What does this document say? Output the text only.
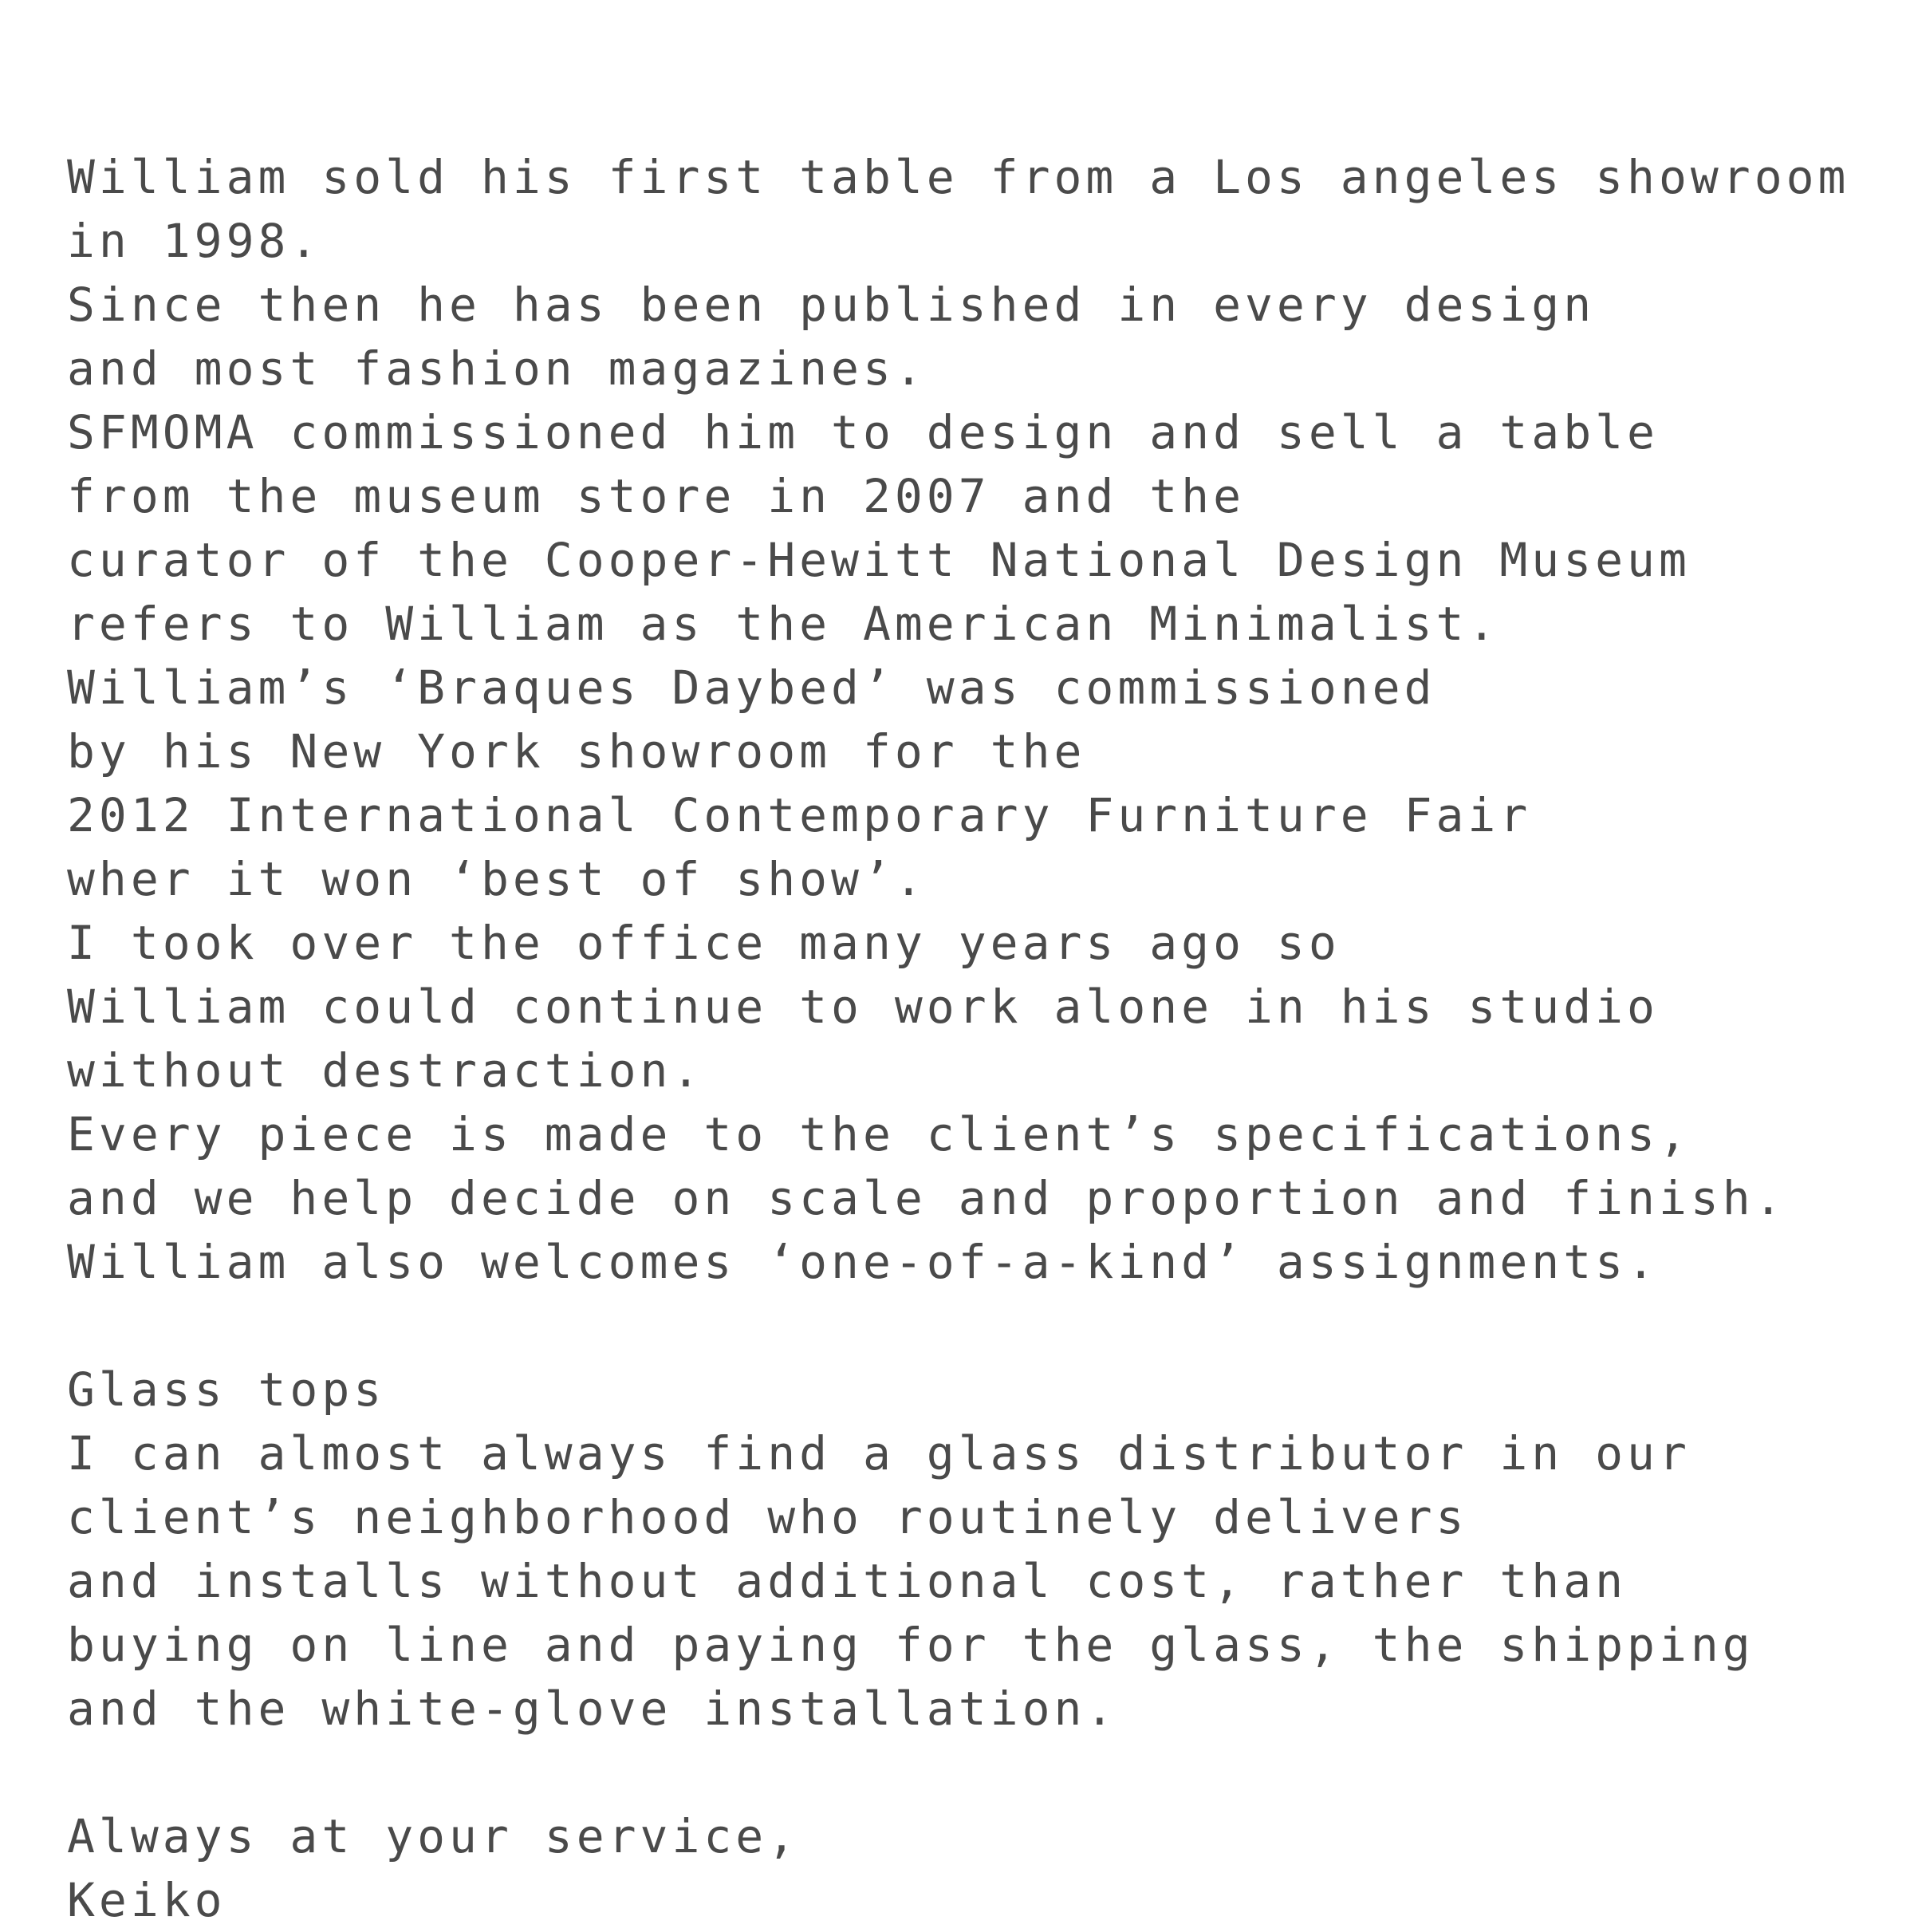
William sold his first table from a Los angeles showroom
in 1998.
Since then he has been published in every design
and most fashion magazines.
SFMOMA commissioned him to design and sell a table
from the museum store in 2007 and the
curator of the Cooper-Hewitt National Design Museum
refers to William as the American Minimalist.
William’s ‘Braques Daybed’ was commissioned
by his New York showroom for the
2012 International Contemporary Furniture Fair
wher it won ‘best of show’.
I took over the office many years ago so
William could continue to work alone in his studio
without destraction.
Every piece is made to the client’s specifications,
and we help decide on scale and proportion and finish.
William also welcomes ‘one-of-a-kind’ assignments.
Glass tops
I can almost always find a glass distributor in our
client’s neighborhood who routinely delivers
and installs without additional cost, rather than
buying on line and paying for the glass, the shipping
and the white-glove installation.
Always at your service,
Keiko
